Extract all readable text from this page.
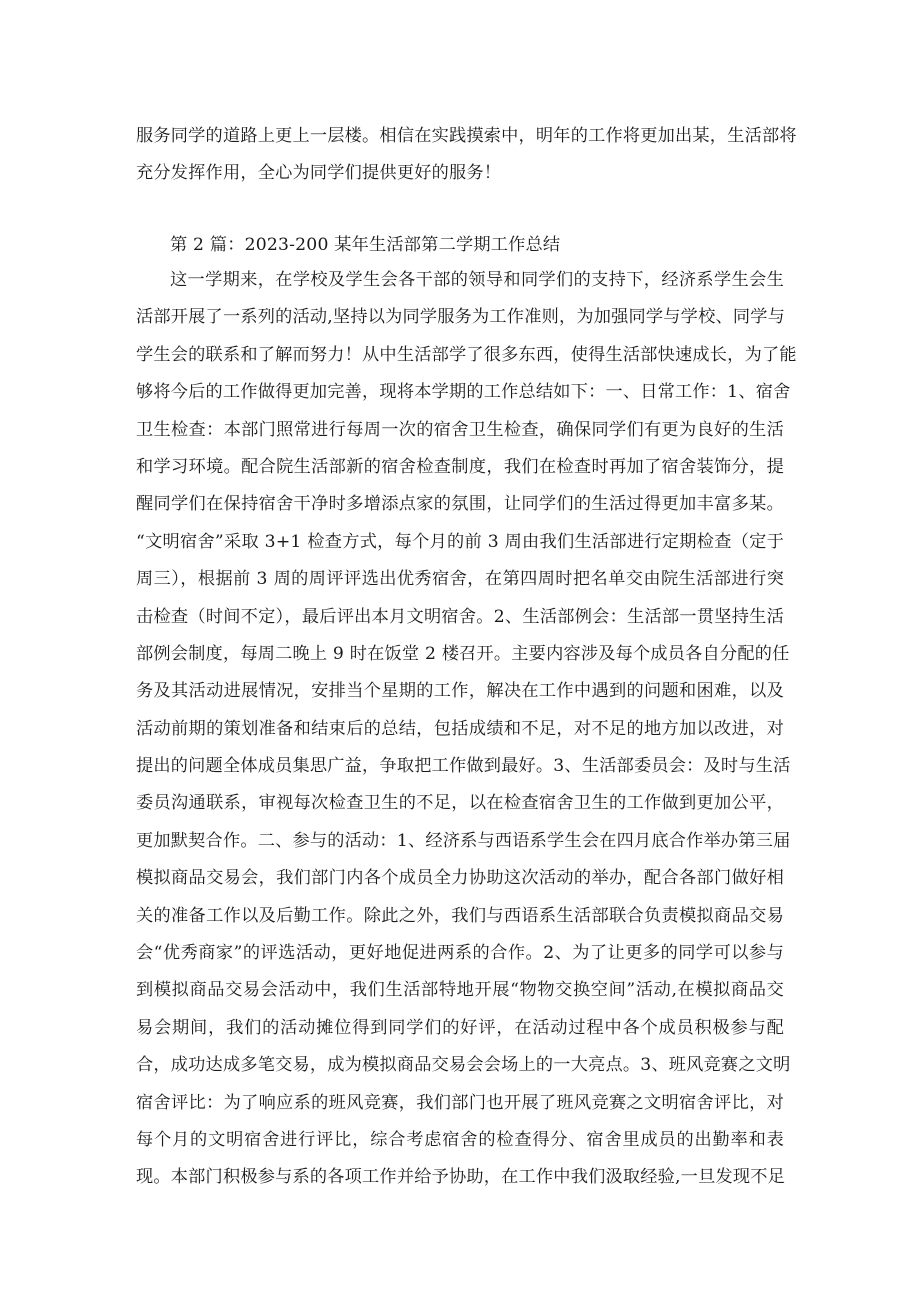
服务同学的道路上更上一层楼。相信在实践摸索中，明年的工作将更加出某，生活部将
充分发挥作用，全心为同学们提供更好的服务！
第 2 篇：2023-200 某年生活部第二学期工作总结
这一学期来，在学校及学生会各干部的领导和同学们的支持下，经济系学生会生
活部开展了一系列的活动,坚持以为同学服务为工作准则，为加强同学与学校、同学与
学生会的联系和了解而努力！从中生活部学了很多东西，使得生活部快速成长，为了能
够将今后的工作做得更加完善，现将本学期的工作总结如下：一、日常工作：1、宿舍
卫生检查：本部门照常进行每周一次的宿舍卫生检查，确保同学们有更为良好的生活
和学习环境。配合院生活部新的宿舍检查制度，我们在检查时再加了宿舍装饰分，提
醒同学们在保持宿舍干净时多增添点家的氛围，让同学们的生活过得更加丰富多某。
“文明宿舍”采取 3+1 检查方式，每个月的前 3 周由我们生活部进行定期检查（定于
周三），根据前 3 周的周评评选出优秀宿舍，在第四周时把名单交由院生活部进行突
击检查（时间不定），最后评出本月文明宿舍。2、生活部例会：生活部一贯坚持生活
部例会制度，每周二晚上 9 时在饭堂 2 楼召开。主要内容涉及每个成员各自分配的任
务及其活动进展情况，安排当个星期的工作，解决在工作中遇到的问题和困难，以及
活动前期的策划准备和结束后的总结，包括成绩和不足，对不足的地方加以改进，对
提出的问题全体成员集思广益，争取把工作做到最好。3、生活部委员会：及时与生活
委员沟通联系，审视每次检查卫生的不足，以在检查宿舍卫生的工作做到更加公平，
更加默契合作。二、参与的活动：1、经济系与西语系学生会在四月底合作举办第三届
模拟商品交易会，我们部门内各个成员全力协助这次活动的举办，配合各部门做好相
关的准备工作以及后勤工作。除此之外，我们与西语系生活部联合负责模拟商品交易
会“优秀商家”的评选活动，更好地促进两系的合作。2、为了让更多的同学可以参与
到模拟商品交易会活动中，我们生活部特地开展“物物交换空间”活动,在模拟商品交
易会期间，我们的活动摊位得到同学们的好评，在活动过程中各个成员积极参与配
合，成功达成多笔交易，成为模拟商品交易会会场上的一大亮点。3、班风竞赛之文明
宿舍评比：为了响应系的班风竞赛，我们部门也开展了班风竞赛之文明宿舍评比，对
每个月的文明宿舍进行评比，综合考虑宿舍的检查得分、宿舍里成员的出勤率和表
现。本部门积极参与系的各项工作并给予协助，在工作中我们汲取经验,一旦发现不足
